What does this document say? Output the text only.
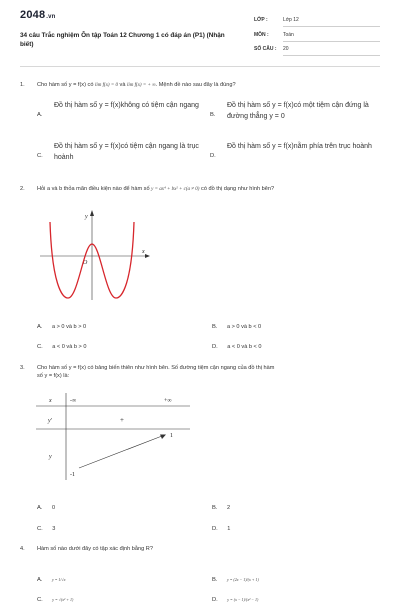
2048.vn
34 câu Trắc nghiệm Ôn tập Toán 12 Chương 1 có đáp án (P1) (Nhận biết)
LỚP :	Lớp 12
MÔN :	Toán
SỐ CÂU : 20
1. Cho hàm số y = f(x) có lim f(x) = 0 và lim f(x) = + ∞. Mệnh đề nào sau đây là đúng?
A.
Đồ thị hàm số y = f(x)không có tiệm cận ngang
B.
Đồ thị hàm số y = f(x)có một tiệm cận đứng là đường thẳng y = 0
C.
Đồ thị hàm số y = f(x)có tiệm cận ngang là trục hoành	D.
Đồ thị hàm số y = f(x)nằm phía trên trục hoành
2. Hỏi a và b thỏa mãn điều kiện nào để hàm số y = ax⁴ + bx² + c(a ≠ 0) có đồ thị dạng như hình bên?
y
x
O
A. a > 0 và b > 0	B. a > 0 và b < 0
C. a < 0 và b > 0	D. a < 0 và b < 0
3. Cho hàm số y = f(x) có bảng biến thiên như hình bên. Số đường tiệm cận ngang của đồ thị hàm
số y = f(x) là:
x
y'
y
-∞	+∞
+
1
-1
A. 0	B. 2
C. 3	D. 1
4. Hàm số nào dưới đây có tập xác định bằng R?
A. y = 1/√x	B. y = (2x − 1)/(x + 1)
C. y = √(x² + 1)	D. y = (x − 1)/(x² − 1)
